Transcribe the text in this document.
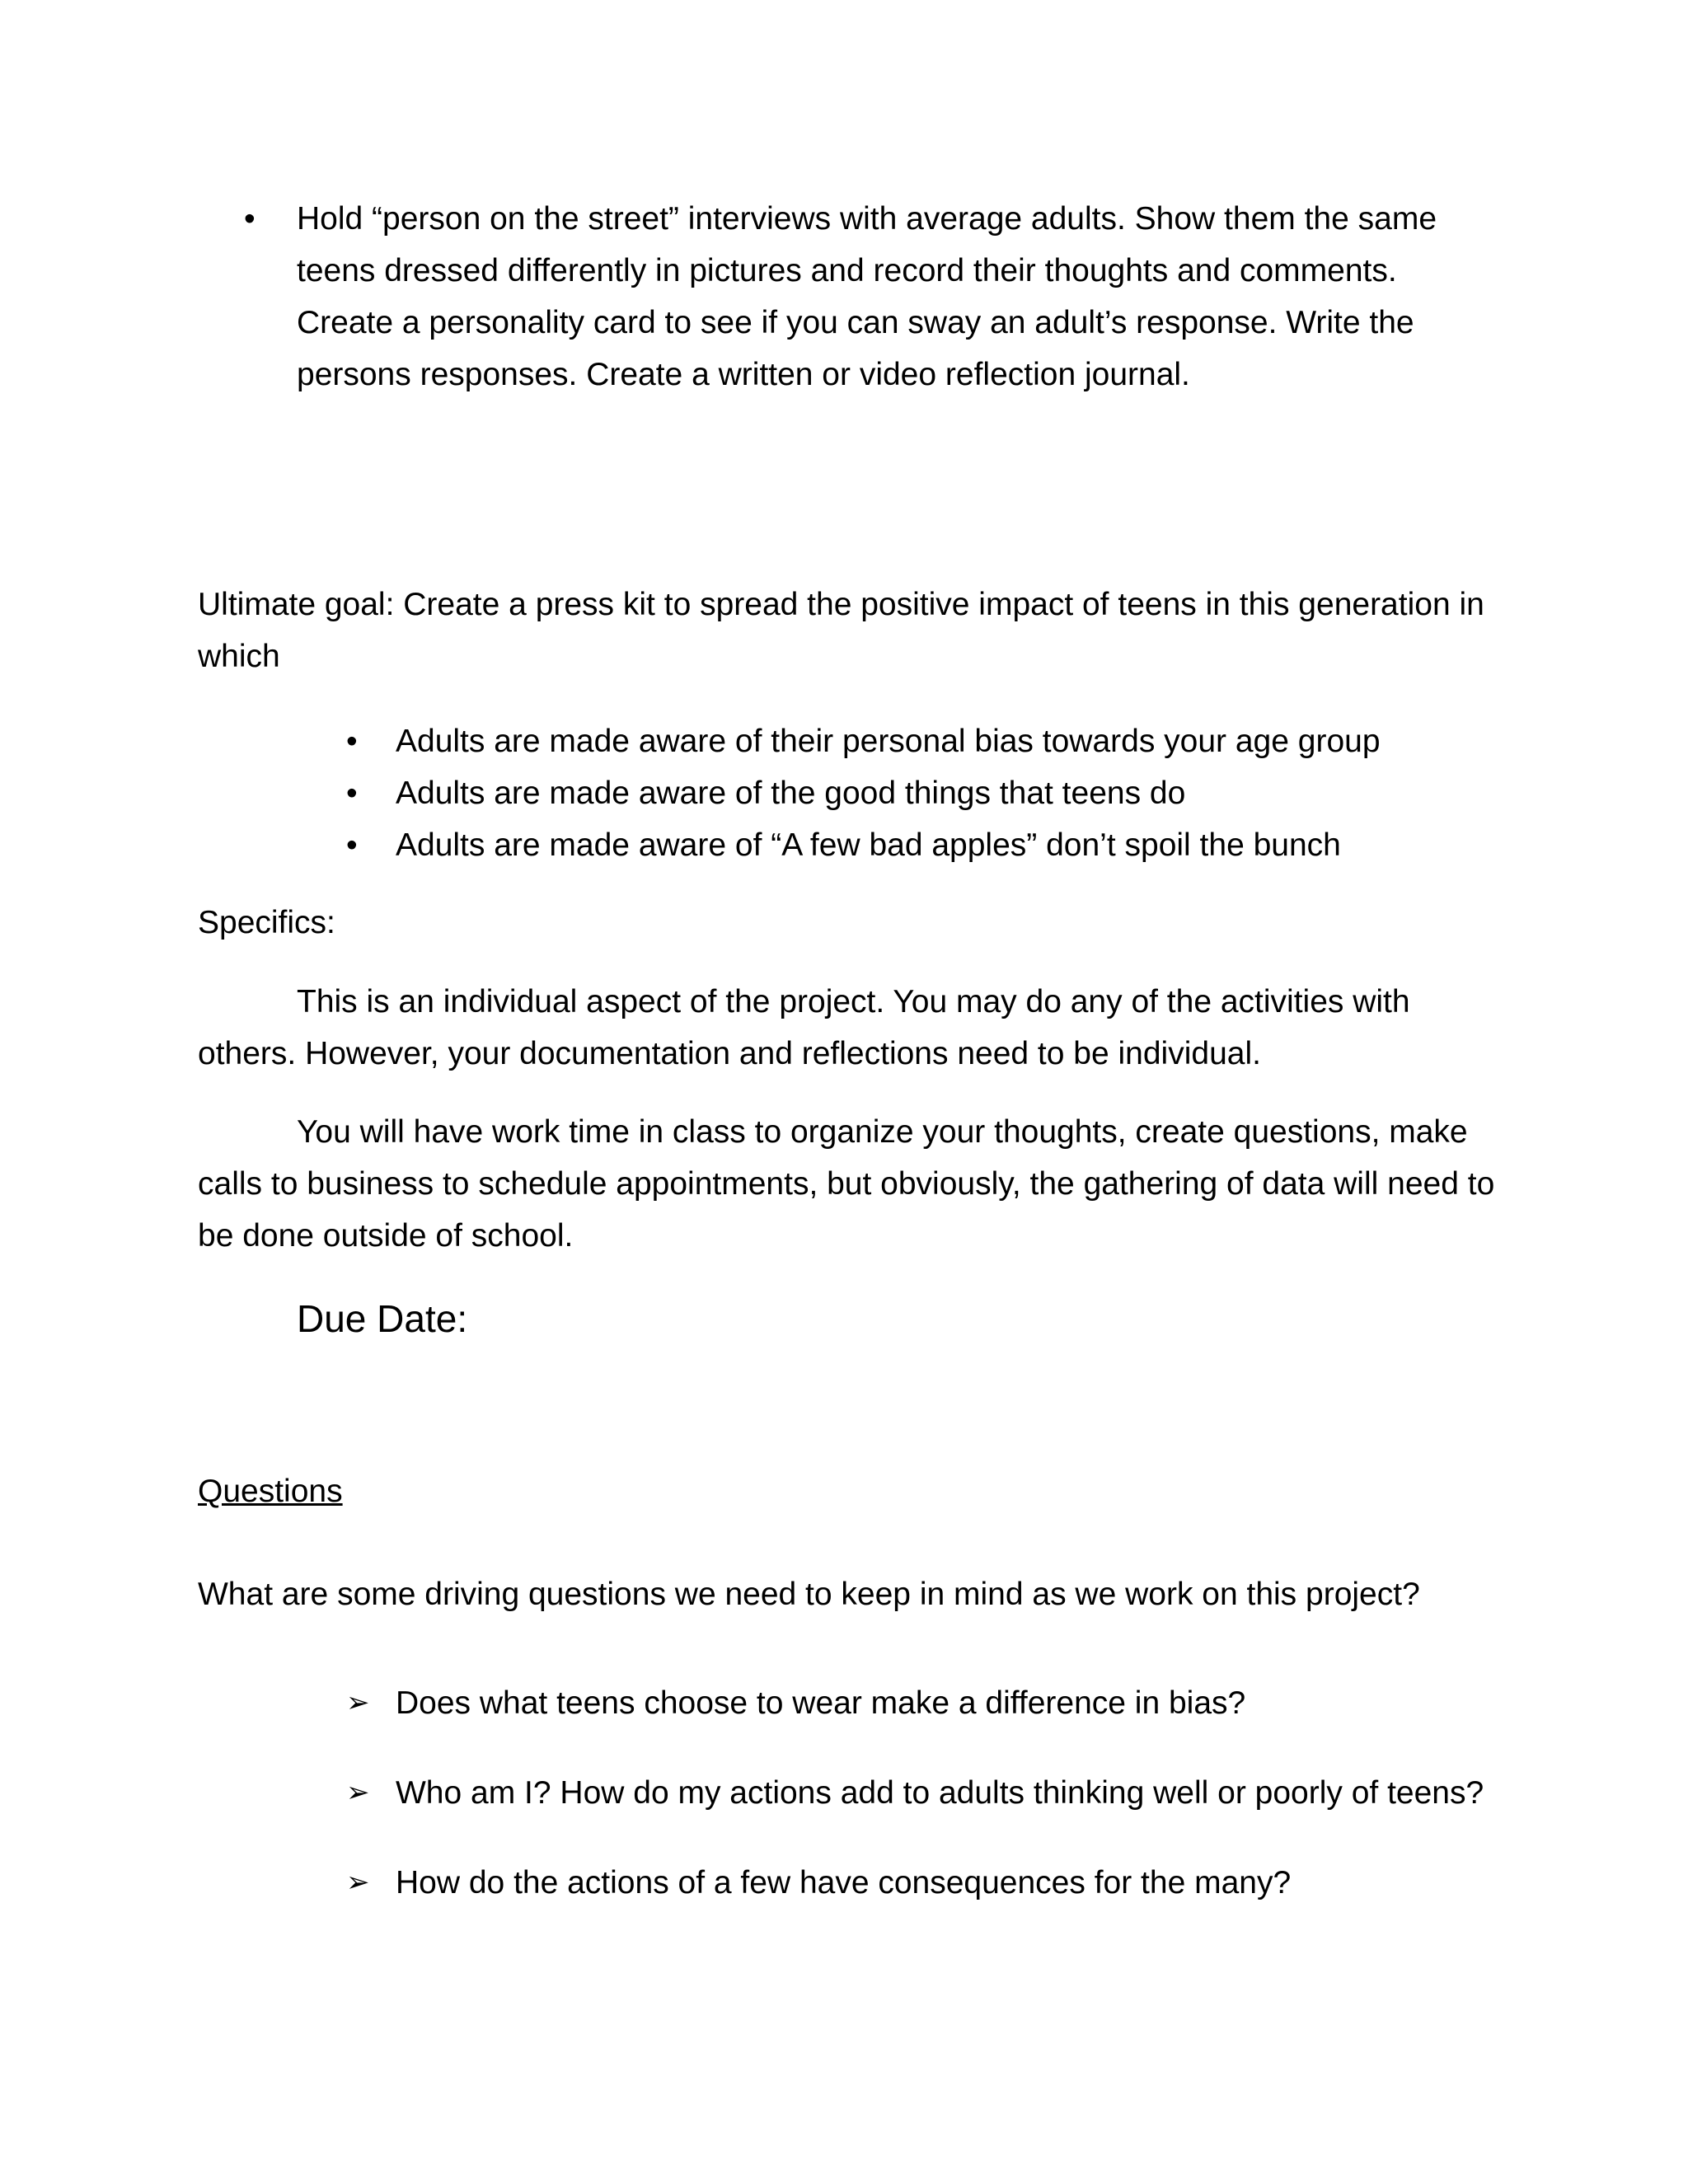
• Hold “person on the street” interviews with average adults. Show them the same teens dressed differently in pictures and record their thoughts and comments. Create a personality card to see if you can sway an adult’s response. Write the persons responses. Create a written or video reflection journal.

Ultimate goal: Create a press kit to spread the positive impact of teens in this generation in which

• Adults are made aware of their personal bias towards your age group
• Adults are made aware of the good things that teens do
• Adults are made aware of “A few bad apples” don’t spoil the bunch

Specifics:

This is an individual aspect of the project. You may do any of the activities with others. However, your documentation and reflections need to be individual.

You will have work time in class to organize your thoughts, create questions, make calls to business to schedule appointments, but obviously, the gathering of data will need to be done outside of school.

Due Date:
Questions

What are some driving questions we need to keep in mind as we work on this project?

➢ Does what teens choose to wear make a difference in bias?
➢ Who am I? How do my actions add to adults thinking well or poorly of teens?
➢ How do the actions of a few have consequences for the many?
